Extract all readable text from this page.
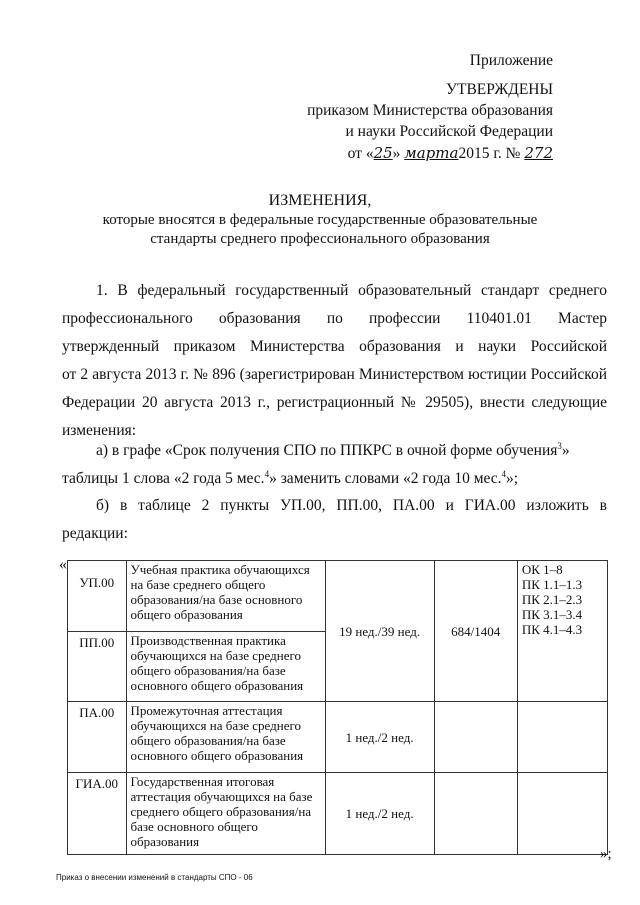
Приложение
УТВЕРЖДЕНЫ
приказом Министерства образования
и науки Российской Федерации
от «25» марта2015 г. № 272
ИЗМЕНЕНИЯ,
которые вносятся в федеральные государственные образовательные
стандарты среднего профессионального образования
1. В федеральный государственный образовательный стандарт среднего
профессионального образования по профессии 110401.01 Мастер
утвержденный приказом Министерства образования и науки Российской
от 2 августа 2013 г. № 896 (зарегистрирован Министерством юстиции Российской
Федерации 20 августа 2013 г., регистрационный № 29505), внести следующие
изменения:
а) в графе «Срок получения СПО по ППКРС в очной форме обучения$^3$»
таблицы 1 слова «2 года 5 мес.$^4$» заменить словами «2 года 10 мес.$^4$»;
б) в таблице 2 пункты УП.00, ПП.00, ПА.00 и ГИА.00 изложить в
редакции:
«
УП.00	Учебная практика обучающихся на базе среднего общего образования/на базе основного общего образования	19 нед./39 нед.	684/1404	ОК 1–8
ПК 1.1–1.3
ПК 2.1–2.3
ПК 3.1–3.4
ПК 4.1–4.3

ПП.00	Производственная практика обучающихся на базе среднего общего образования/на базе основного общего образования			
ПА.00	Промежуточная аттестация обучающихся на базе среднего общего образования/на базе основного общего образования	1 нед./2 нед.		
ГИА.00	Государственная итоговая аттестация обучающихся на базе среднего общего образования/на базе основного общего образования	1 нед./2 нед.		
»;
Приказ о внесении изменений в стандарты СПО - 06
